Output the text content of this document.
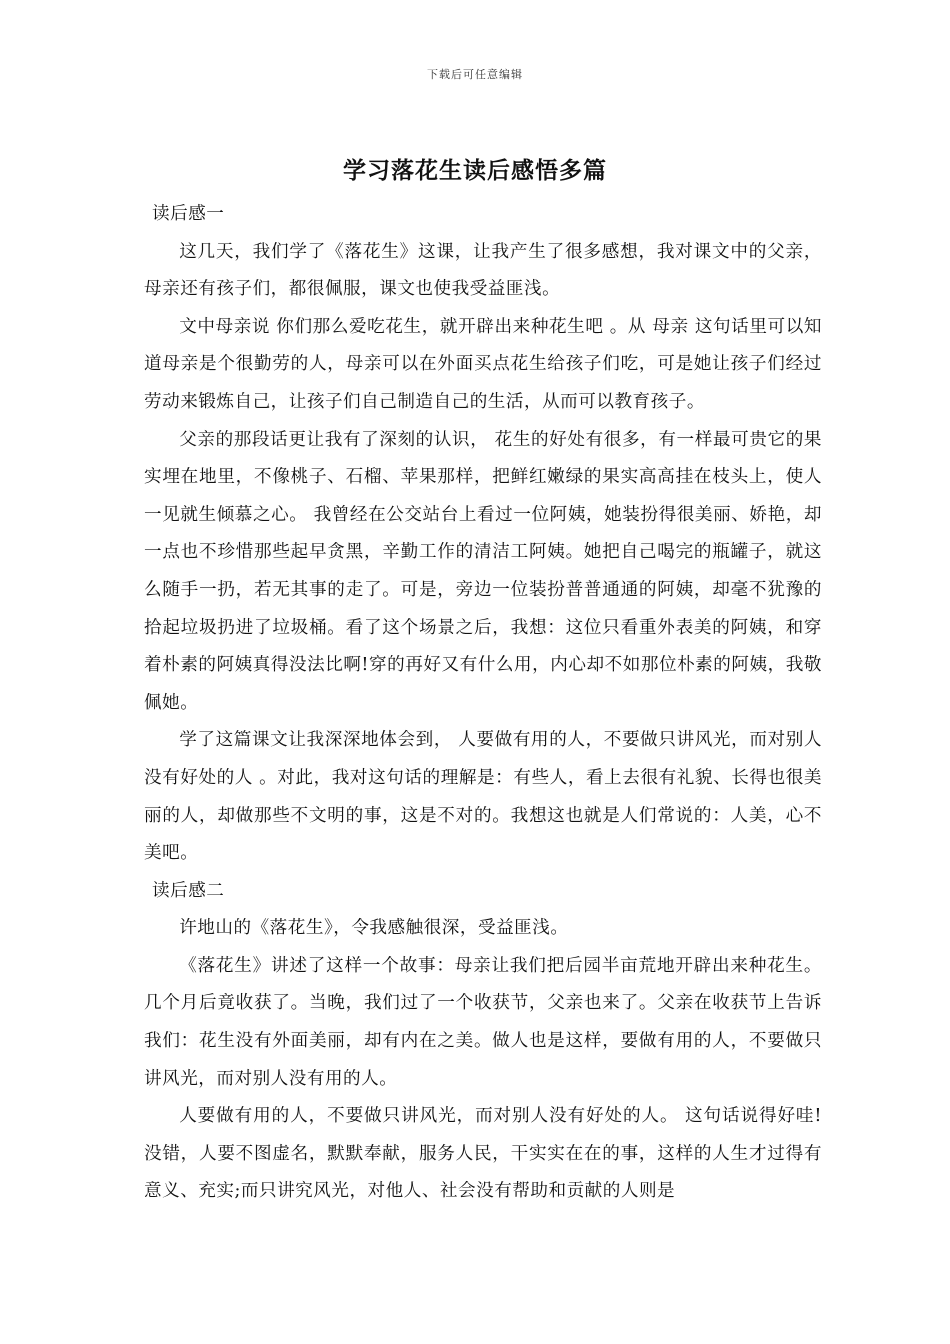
下载后可任意编辑
学习落花生读后感悟多篇

读后感一

这几天，我们学了《落花生》这课，让我产生了很多感想，我对课文中的父亲，母亲还有孩子们，都很佩服，课文也使我受益匪浅。

文中母亲说 你们那么爱吃花生，就开辟出来种花生吧 。从 母亲 这句话里可以知道母亲是个很勤劳的人，母亲可以在外面买点花生给孩子们吃，可是她让孩子们经过劳动来锻炼自己，让孩子们自己制造自己的生活，从而可以教育孩子。

父亲的那段话更让我有了深刻的认识， 花生的好处有很多，有一样最可贵它的果实埋在地里，不像桃子、石榴、苹果那样，把鲜红嫩绿的果实高高挂在枝头上，使人一见就生倾慕之心。 我曾经在公交站台上看过一位阿姨，她装扮得很美丽、娇艳，却一点也不珍惜那些起早贪黑，辛勤工作的清洁工阿姨。她把自己喝完的瓶罐子，就这么随手一扔，若无其事的走了。可是，旁边一位装扮普普通通的阿姨，却毫不犹豫的拾起垃圾扔进了垃圾桶。看了这个场景之后，我想：这位只看重外表美的阿姨，和穿着朴素的阿姨真得没法比啊!穿的再好又有什么用，内心却不如那位朴素的阿姨，我敬佩她。

学了这篇课文让我深深地体会到， 人要做有用的人，不要做只讲风光，而对别人没有好处的人 。对此，我对这句话的理解是：有些人，看上去很有礼貌、长得也很美丽的人，却做那些不文明的事，这是不对的。我想这也就是人们常说的：人美，心不美吧。

读后感二

许地山的《落花生》，令我感触很深，受益匪浅。

《落花生》讲述了这样一个故事：母亲让我们把后园半亩荒地开辟出来种花生。几个月后竟收获了。当晚，我们过了一个收获节，父亲也来了。父亲在收获节上告诉我们：花生没有外面美丽，却有内在之美。做人也是这样，要做有用的人，不要做只讲风光，而对别人没有用的人。

人要做有用的人，不要做只讲风光，而对别人没有好处的人。 这句话说得好哇!没错，人要不图虚名，默默奉献，服务人民，干实实在在的事，这样的人生才过得有意义、充实;而只讲究风光，对他人、社会没有帮助和贡献的人则是
